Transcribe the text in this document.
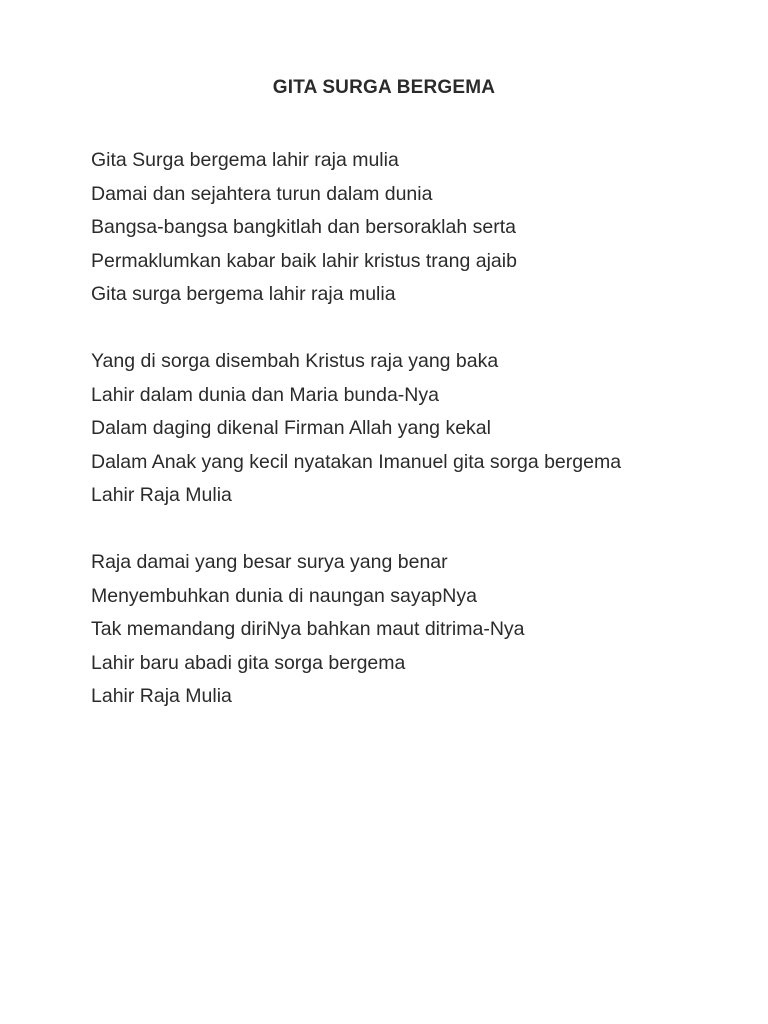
GITA SURGA BERGEMA
Gita Surga bergema lahir raja mulia
Damai dan sejahtera turun dalam dunia
Bangsa-bangsa bangkitlah dan bersoraklah serta
Permaklumkan kabar baik lahir kristus trang ajaib
Gita surga bergema lahir raja mulia
Yang di sorga disembah Kristus raja yang baka
Lahir dalam dunia dan Maria bunda-Nya
Dalam daging dikenal Firman Allah yang kekal
Dalam Anak yang kecil nyatakan Imanuel gita sorga bergema
Lahir Raja Mulia
Raja damai yang besar surya yang benar
Menyembuhkan dunia di naungan sayapNya
Tak memandang diriNya bahkan maut ditrima-Nya
Lahir baru abadi gita sorga bergema
Lahir Raja Mulia
